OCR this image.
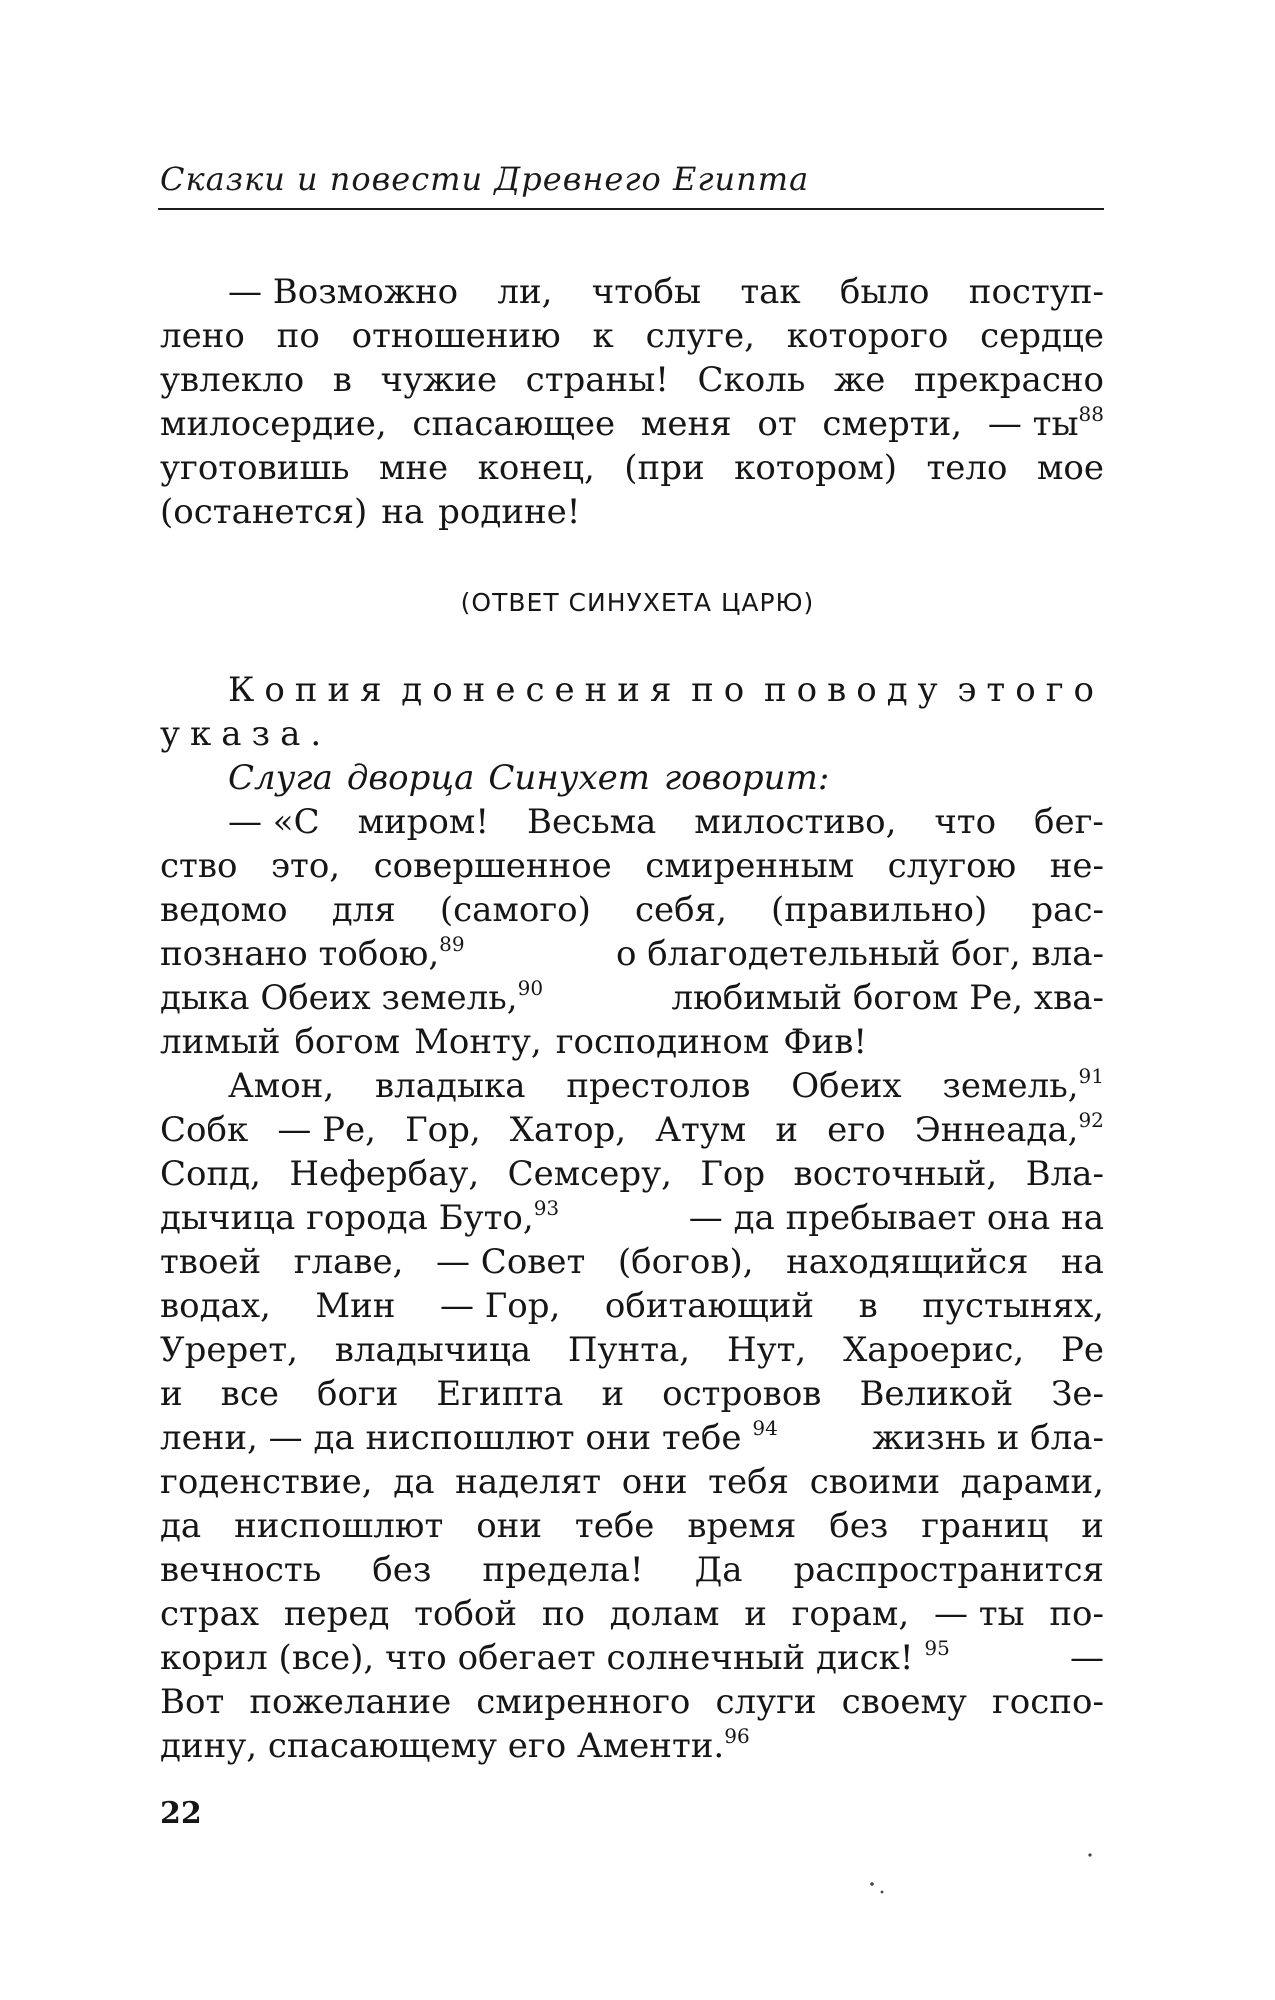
Сказки и повести Древнего Египта
— Возможно ли, чтобы так было поступ-
лено по отношению к слуге, которого сердце
увлекло в чужие страны! Сколь же прекрасно
милосердие, спасающее меня от смерти, — $ты^{88}$
уготовишь мне конец, (при котором) тело мое
(останется) на родине!
(ОТВЕТ СИНУХЕТА ЦАРЮ)
Копия донесения по поводу этого
указа.
Слуга дворца Синухет говорит:
— «С миром! Весьма милостиво, что бег-
ство это, совершенное смиренным слугою не-
ведомо для (самого) себя, (правильно) рас-
познано тобою,$^{89}$	о благодетельный бог, вла-
дыка Обеих земель,$^{90}$	любимый богом Ре, хва-
лимый богом Монту, господином Фив!
Амон, владыка престолов Обеих земель,$^{91}$
Собк — Ре, Гор, Хатор, Атум и его Эннеада,$^{92}$
Сопд, Нефербау, Семсеру, Гор восточный, Вла-
дычица города Буто,$^{93}$	— да пребывает она на
твоей главе, — Совет (богов), находящийся на
водах, Мин — Гор, обитающий в пустынях,
Уререт, владычица Пунта, Нут, Хароерис, Ре
и все боги Египта и островов Великой Зе-
лени, — да ниспошлют они тебе $^{94}$	жизнь и бла-
годенствие, да наделят они тебя своими дарами,
да ниспошлют они тебе время без границ и
вечность без предела! Да распространится
страх перед тобой по долам и горам, — ты по-
корил (все), что обегает солнечный диск! $^{95}$	—
Вот пожелание смиренного слуги своему госпо-
дину, спасающему его Аменти.$^{96}$
22
